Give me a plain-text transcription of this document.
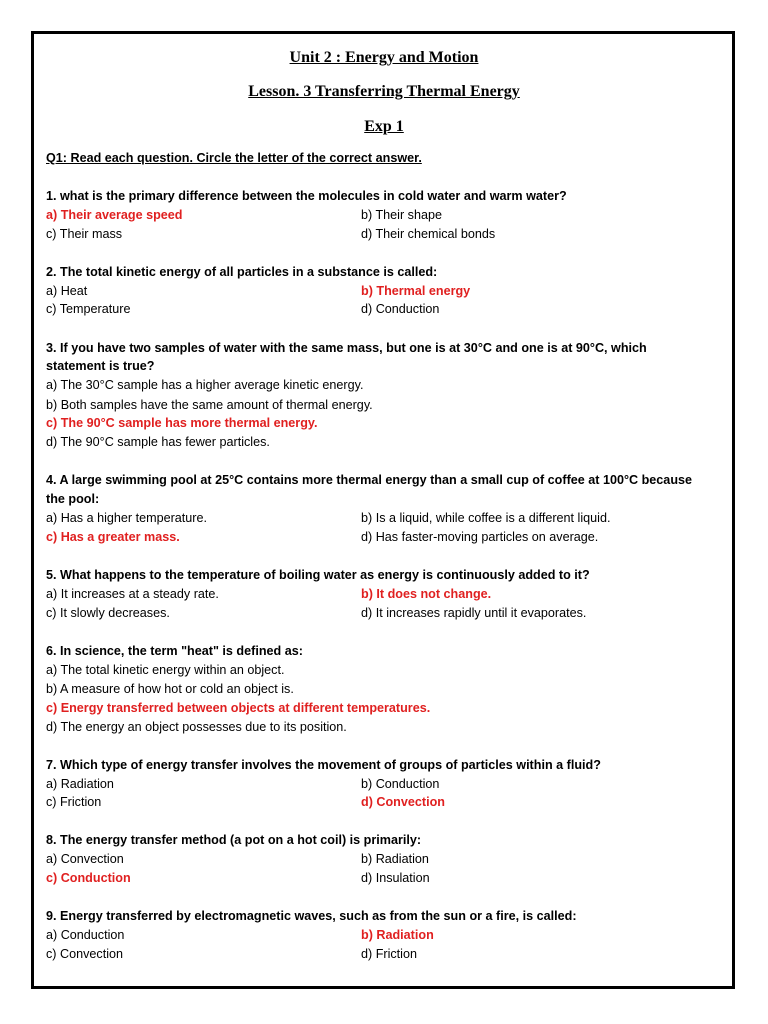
Unit 2 : Energy and Motion
Lesson. 3 Transferring Thermal Energy
Exp 1

Q1: Read each question. Circle the letter of the correct answer.

1. what is the primary difference between the molecules in cold water and warm water?

a) Their average speed	b) Their shape

c) Their mass	d) Their chemical bonds

2. The total kinetic energy of all particles in a substance is called:

a) Heat	b) Thermal energy

c) Temperature	d) Conduction

3. If you have two samples of water with the same mass, but one is at 30°C and one is at 90°C, which

statement is true?

a) The 30°C sample has a higher average kinetic energy.

b) Both samples have the same amount of thermal energy.

c) The 90°C sample has more thermal energy.

d) The 90°C sample has fewer particles.

4. A large swimming pool at 25°C contains more thermal energy than a small cup of coffee at 100°C because

the pool:

a) Has a higher temperature.	b) Is a liquid, while coffee is a different liquid.

c) Has a greater mass.	d) Has faster-moving particles on average.

5. What happens to the temperature of boiling water as energy is continuously added to it?

a) It increases at a steady rate.	b) It does not change.

c) It slowly decreases.	d) It increases rapidly until it evaporates.

6. In science, the term "heat" is defined as:

a) The total kinetic energy within an object.

b) A measure of how hot or cold an object is.

c) Energy transferred between objects at different temperatures.

d) The energy an object possesses due to its position.

7. Which type of energy transfer involves the movement of groups of particles within a fluid?

a) Radiation	b) Conduction

c) Friction	d) Convection

8. The energy transfer method (a pot on a hot coil) is primarily:

a) Convection	b) Radiation

c) Conduction	d) Insulation

9. Energy transferred by electromagnetic waves, such as from the sun or a fire, is called:

a) Conduction	b) Radiation

c) Convection	d) Friction
